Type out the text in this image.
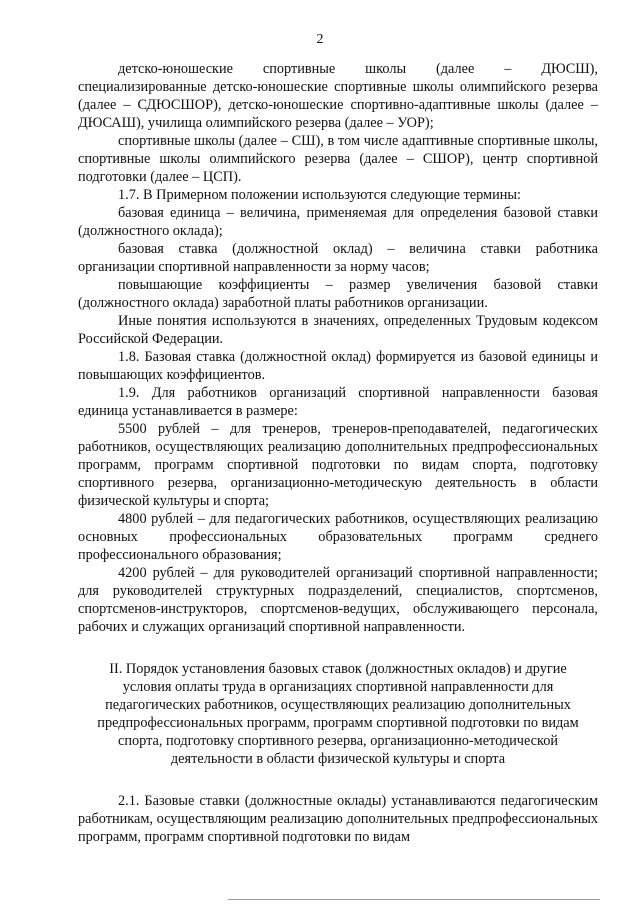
2

детско-юношеские спортивные школы (далее – ДЮСШ), специализированные детско-юношеские спортивные школы олимпийского резерва (далее – СДЮСШОР), детско-юношеские спортивно-адаптивные школы (далее – ДЮСАШ), училища олимпийского резерва (далее – УОР);

спортивные школы (далее – СШ), в том числе адаптивные спортивные школы, спортивные школы олимпийского резерва (далее – СШОР), центр спортивной подготовки (далее – ЦСП).

1.7. В Примерном положении используются следующие термины:

базовая единица – величина, применяемая для определения базовой ставки (должностного оклада);

базовая ставка (должностной оклад) – величина ставки работника организации спортивной направленности за норму часов;

повышающие коэффициенты – размер увеличения базовой ставки (должностного оклада) заработной платы работников организации.

Иные понятия используются в значениях, определенных Трудовым кодексом Российской Федерации.

1.8. Базовая ставка (должностной оклад) формируется из базовой единицы и повышающих коэффициентов.

1.9. Для работников организаций спортивной направленности базовая единица устанавливается в размере:

5500 рублей – для тренеров, тренеров-преподавателей, педагогических работников, осуществляющих реализацию дополнительных предпрофессиональных программ, программ спортивной подготовки по видам спорта, подготовку спортивного резерва, организационно-методическую деятельность в области физической культуры и спорта;

4800 рублей – для педагогических работников, осуществляющих реализацию основных профессиональных образовательных программ среднего профессионального образования;

4200 рублей – для руководителей организаций спортивной направленности; для руководителей структурных подразделений, специалистов, спортсменов, спортсменов-инструкторов, спортсменов-ведущих, обслуживающего персонала, рабочих и служащих организаций спортивной направленности.

II. Порядок установления базовых ставок (должностных окладов) и другие условия оплаты труда в организациях спортивной направленности для педагогических работников, осуществляющих реализацию дополнительных предпрофессиональных программ, программ спортивной подготовки по видам спорта, подготовку спортивного резерва, организационно-методической деятельности в области физической культуры и спорта

2.1. Базовые ставки (должностные оклады) устанавливаются педагогическим работникам, осуществляющим реализацию дополнительных предпрофессиональных программ, программ спортивной подготовки по видам
